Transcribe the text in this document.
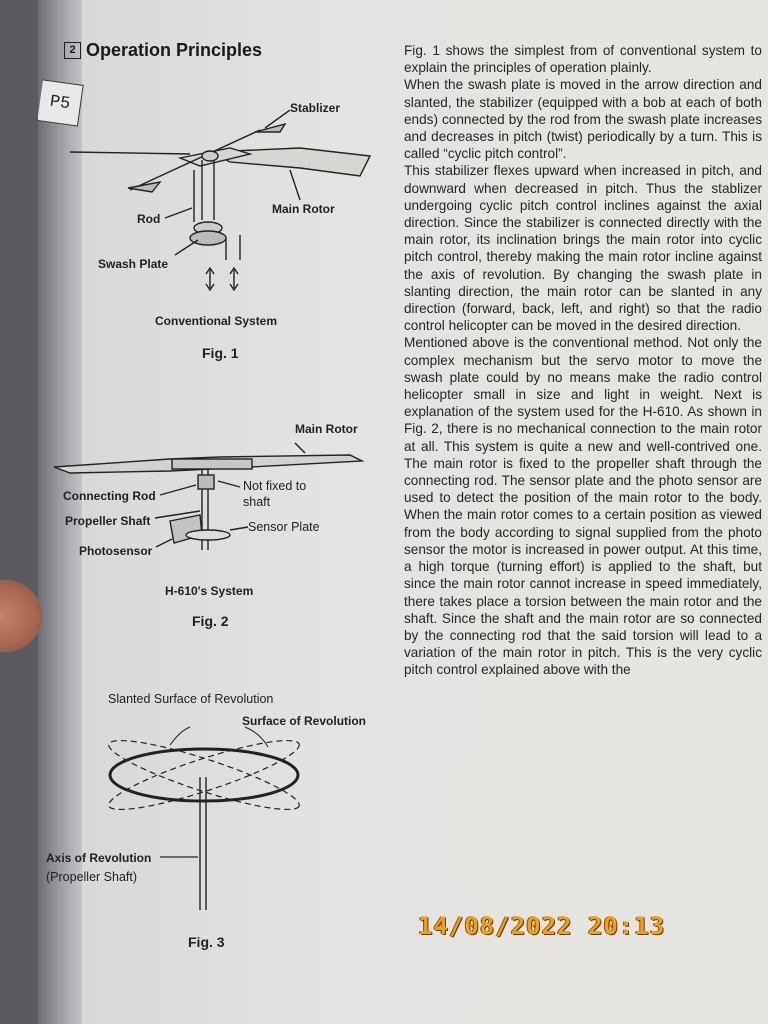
P5
2 Operation Principles
Stablizer
Main Rotor
Rod
Swash Plate
Conventional System
Fig. 1
Main Rotor
Connecting Rod
Not fixed to
shaft
Propeller Shaft	Sensor Plate
Photosensor
H-610's System
Fig. 2
Slanted Surface of Revolution
Surface of Revolution
Axis of Revolution
(Propeller Shaft)
Fig. 3

Fig. 1 shows the simplest from of conventional system to explain the principles of operation plainly.

When the swash plate is moved in the arrow direction and slanted, the stabilizer (equipped with a bob at each of both ends) connected by the rod from the swash plate increases and decreases in pitch (twist) periodically by a turn. This is called “cyclic pitch control”.

This stabilizer flexes upward when increased in pitch, and downward when decreased in pitch. Thus the stablizer undergoing cyclic pitch control inclines against the axial direction. Since the stabilizer is connected directly with the main rotor, its inclination brings the main rotor into cyclic pitch control, thereby making the main rotor incline against the axis of revolution. By changing the swash plate in slanting direction, the main rotor can be slanted in any direction (forward, back, left, and right) so that the radio control helicopter can be moved in the desired direction.

Mentioned above is the conventional method. Not only the complex mechanism but the servo motor to move the swash plate could by no means make the radio control helicopter small in size and light in weight. Next is explanation of the system used for the H-610. As shown in Fig. 2, there is no mechanical connection to the main rotor at all. This system is quite a new and well-contrived one. The main rotor is fixed to the propeller shaft through the connecting rod. The sensor plate and the photo sensor are used to detect the position of the main rotor to the body. When the main rotor comes to a certain position as viewed from the body according to signal supplied from the photo sensor the motor is increased in power output. At this time, a high torque (turning effort) is applied to the shaft, but since the main rotor cannot increase in speed immediately, there takes place a torsion between the main rotor and the shaft. Since the shaft and the main rotor are so connected by the connecting rod that the said torsion will lead to a variation of the main rotor in pitch. This is the very cyclic pitch control explained above with the

14/08/2022 20:13
